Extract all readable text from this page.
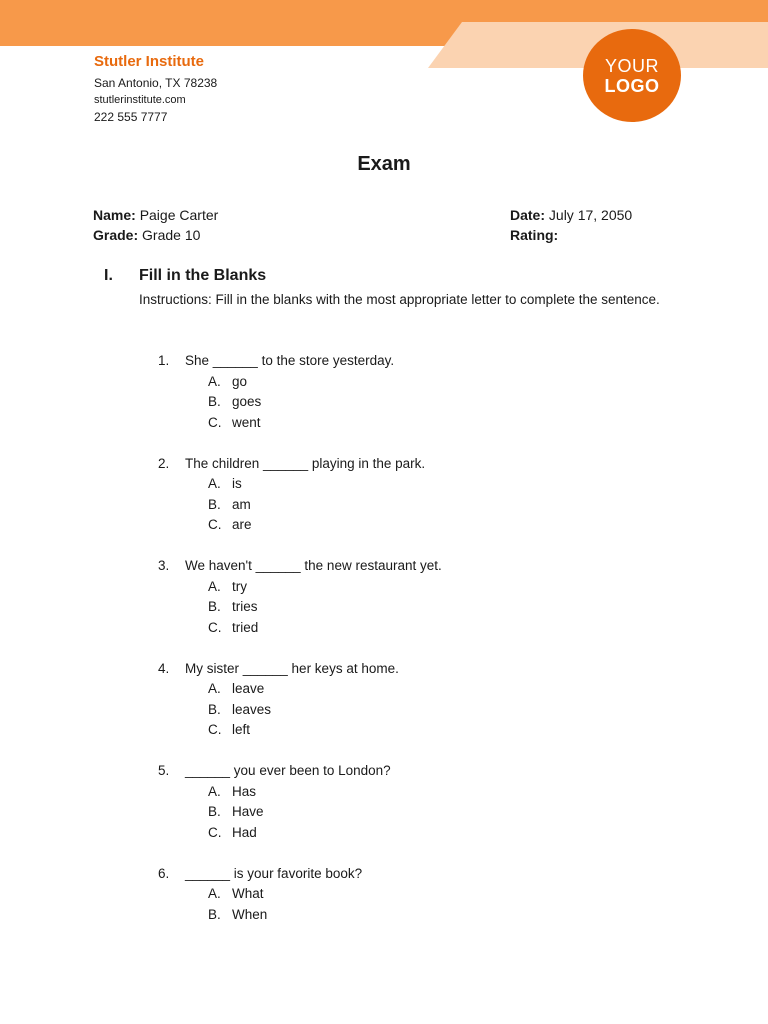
YOUR
LOGO
Stutler Institute
San Antonio, TX 78238
stutlerinstitute.com
222 555 7777
Exam
Name: Paige Carter
Grade: Grade 10
Date: July 17, 2050
Rating:
I. Fill in the Blanks
Instructions: Fill in the blanks with the most appropriate letter to complete the sentence.
1. She ______ to the store yesterday.
A. go
B. goes
C. went
2. The children ______ playing in the park.
A. is
B. am
C. are
3. We haven't ______ the new restaurant yet.
A. try
B. tries
C. tried
4. My sister ______ her keys at home.
A. leave
B. leaves
C. left
5. ______ you ever been to London?
A. Has
B. Have
C. Had
6. ______ is your favorite book?
A. What
B. When
